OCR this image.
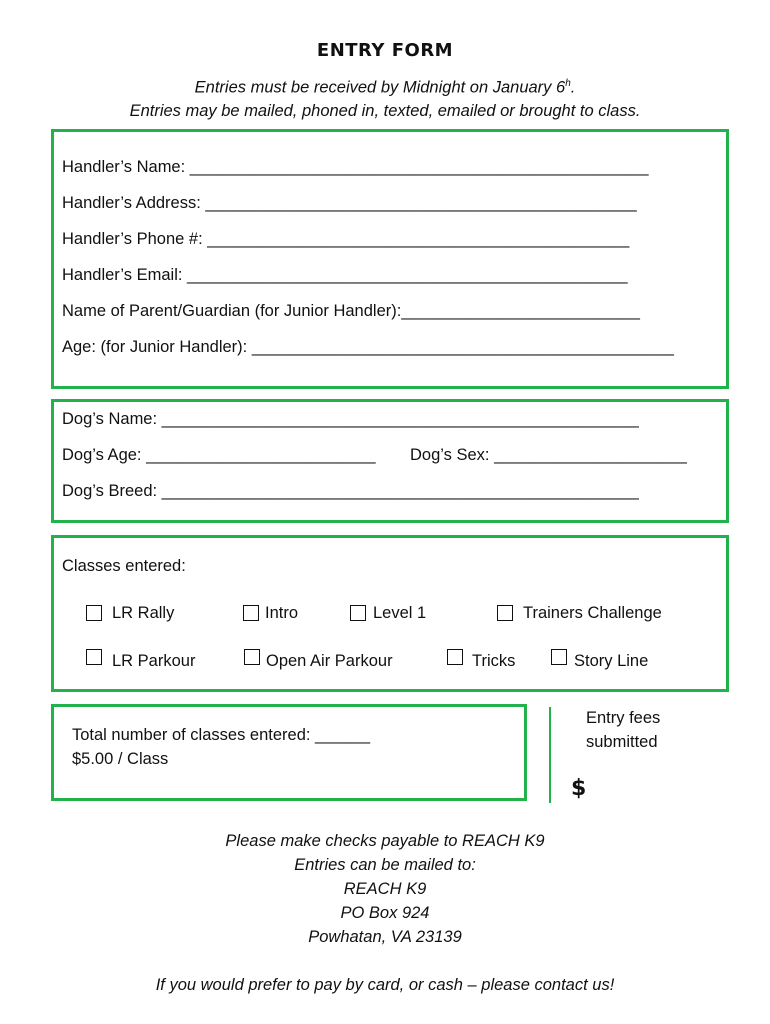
ENTRY FORM
Entries must be received by Midnight on January 6$^h$.
Entries may be mailed, phoned in, texted, emailed or brought to class.
Handler’s Name: __________________________________________________
Handler’s Address: _______________________________________________
Handler’s Phone #: ______________________________________________
Handler’s Email: ________________________________________________
Name of Parent/Guardian (for Junior Handler):__________________________
Age: (for Junior Handler): ______________________________________________
Dog’s Name: ____________________________________________________
Dog’s Age: _________________________ Dog’s Sex: _____________________
Dog’s Breed: ____________________________________________________
Classes entered:
LR Rally	Intro	Level 1	Trainers Challenge
LR Parkour	Open Air Parkour	Tricks	Story Line
Total number of classes entered: ______
$5.00 / Class
Entry fees
submitted
$
Please make checks payable to REACH K9
Entries can be mailed to:
REACH K9
PO Box 924
Powhatan, VA 23139
If you would prefer to pay by card, or cash – please contact us!
